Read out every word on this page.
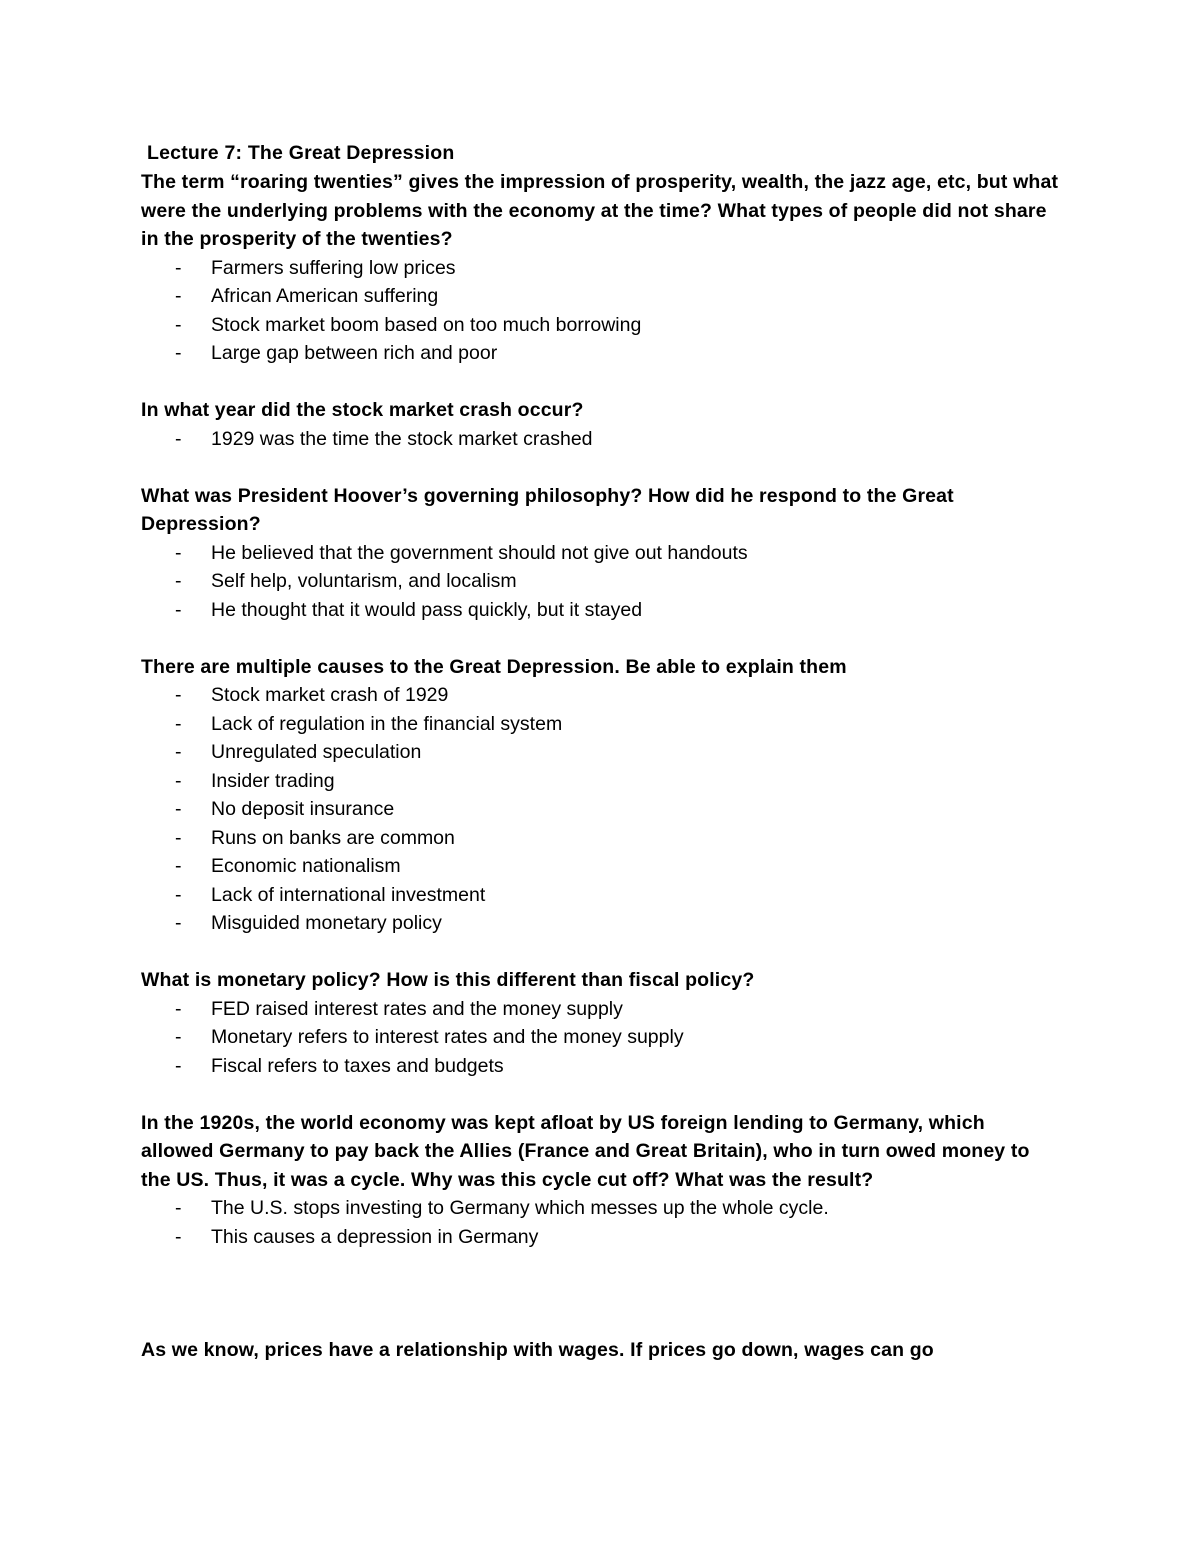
Lecture 7: The Great Depression

The term “roaring twenties” gives the impression of prosperity, wealth, the jazz age, etc, but what were the underlying problems with the economy at the time? What types of people did not share in the prosperity of the twenties?

- Farmers suffering low prices
- African American suffering
- Stock market boom based on too much borrowing
- Large gap between rich and poor

In what year did the stock market crash occur?

- 1929 was the time the stock market crashed

What was President Hoover’s governing philosophy? How did he respond to the Great Depression?

- He believed that the government should not give out handouts
- Self help, voluntarism, and localism
- He thought that it would pass quickly, but it stayed

There are multiple causes to the Great Depression. Be able to explain them

- Stock market crash of 1929
- Lack of regulation in the financial system
- Unregulated speculation
- Insider trading
- No deposit insurance
- Runs on banks are common
- Economic nationalism
- Lack of international investment
- Misguided monetary policy

What is monetary policy? How is this different than fiscal policy?

- FED raised interest rates and the money supply
- Monetary refers to interest rates and the money supply
- Fiscal refers to taxes and budgets

In the 1920s, the world economy was kept afloat by US foreign lending to Germany, which allowed Germany to pay back the Allies (France and Great Britain), who in turn owed money to the US. Thus, it was a cycle. Why was this cycle cut off? What was the result?

- The U.S. stops investing to Germany which messes up the whole cycle.
- This causes a depression in Germany

As we know, prices have a relationship with wages. If prices go down, wages can go
